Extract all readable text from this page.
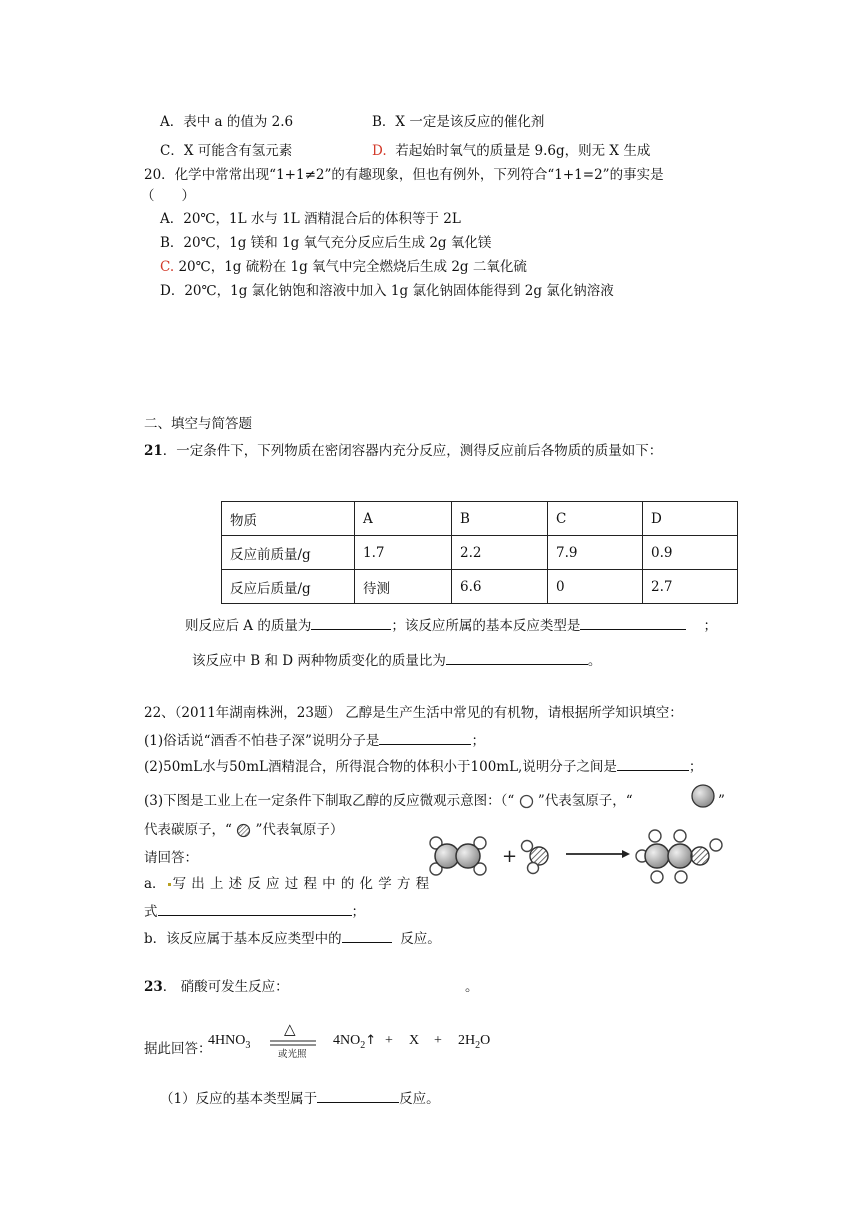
A．表中 a 的值为 2.6	B．X 一定是该反应的催化剂
C．X 可能含有氢元素	D. 若起始时氧气的质量是 9.6g，则无 X 生成
20．化学中常常出现“1+1≠2”的有趣现象，但也有例外，下列符合“1+1=2”的事实是
（　　）
A．20℃，1L 水与 1L 酒精混合后的体积等于 2L
B．20℃，1g 镁和 1g 氧气充分反应后生成 2g 氧化镁
C. 20℃，1g 硫粉在 1g 氧气中完全燃烧后生成 2g 二氧化硫
D．20℃，1g 氯化钠饱和溶液中加入 1g 氯化钠固体能得到 2g 氯化钠溶液
二、填空与简答题
21．一定条件下，下列物质在密闭容器内充分反应，测得反应前后各物质的质量如下：
物质	A	B	C	D
反应前质量/g	1.7	2.2	7.9	0.9
反应后质量/g	待测	6.6	0	2.7
则反应后 A 的质量为	；该反应所属的基本反应类型是	；
该反应中 B 和 D 两种物质变化的质量比为	。
22、（2011年湖南株洲，23题） 乙醇是生产生活中常见的有机物，请根据所学知识填空：
(1)俗话说“酒香不怕巷子深”说明分子是	；
(2)50mL水与50mL酒精混合，所得混合物的体积小于100mL,说明分子之间是	；
(3)下图是工业上在一定条件下制取乙醇的反应微观示意图：（“ ”代表氢原子，“	”
代表碳原子，“ ”代表氧原子）
+
请回答：
a． 写出上述反应过程中的化学方程
式	；
b．该反应属于基本反应类型中的	反应。
23． 硝酸可发生反应：	。
$4HNO_3$
△
或光照
$4NO_2↑ + X + 2H_2O$
据此回答：
（1）反应的基本类型属于	反应。
